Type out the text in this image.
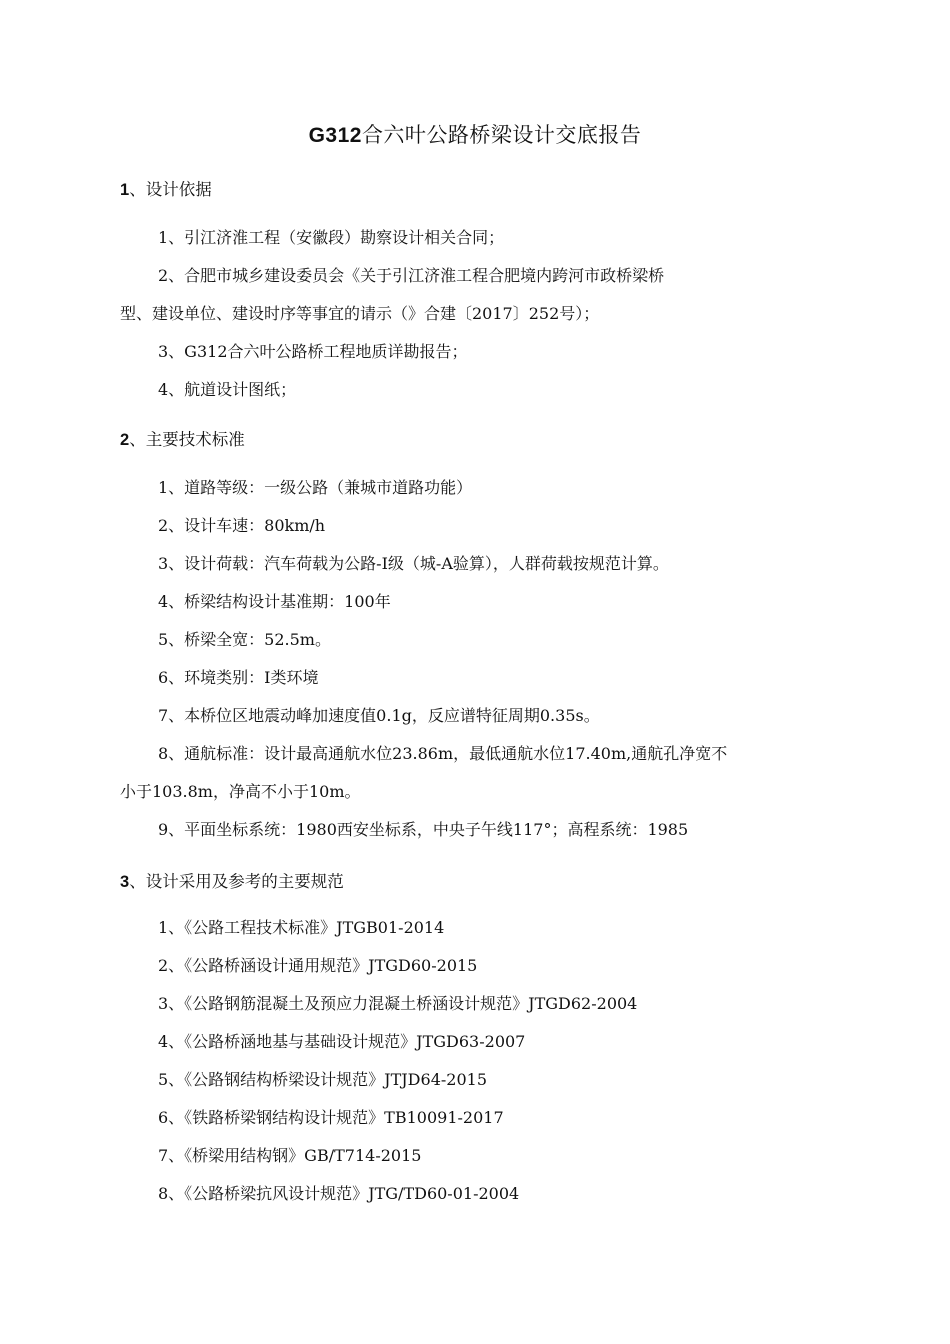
G312合六叶公路桥梁设计交底报告
1、设计依据
1、引江济淮工程（安徽段）勘察设计相关合同；
2、合肥市城乡建设委员会《关于引江济淮工程合肥境内跨河市政桥梁桥
型、建设单位、建设时序等事宜的请示（》合建〔2017〕252号）；
3、G312合六叶公路桥工程地质详勘报告；
4、航道设计图纸；
2、主要技术标准
1、道路等级：一级公路（兼城市道路功能）
2、设计车速：80km/h
3、设计荷载：汽车荷载为公路-I级（城-A验算），人群荷载按规范计算。
4、桥梁结构设计基准期：100年
5、桥梁全宽：52.5m。
6、环境类别：I类环境
7、本桥位区地震动峰加速度值0.1g，反应谱特征周期0.35s。
8、通航标准：设计最高通航水位23.86m，最低通航水位17.40m,通航孔净宽不
小于103.8m，净高不小于10m。
9、平面坐标系统：1980西安坐标系，中央子午线117°；高程系统：1985
3、设计采用及参考的主要规范
1、《公路工程技术标准》JTGB01-2014
2、《公路桥涵设计通用规范》JTGD60-2015
3、《公路钢筋混凝土及预应力混凝土桥涵设计规范》JTGD62-2004
4、《公路桥涵地基与基础设计规范》JTGD63-2007
5、《公路钢结构桥梁设计规范》JTJD64-2015
6、《铁路桥梁钢结构设计规范》TB10091-2017
7、《桥梁用结构钢》GB/T714-2015
8、《公路桥梁抗风设计规范》JTG/TD60-01-2004
